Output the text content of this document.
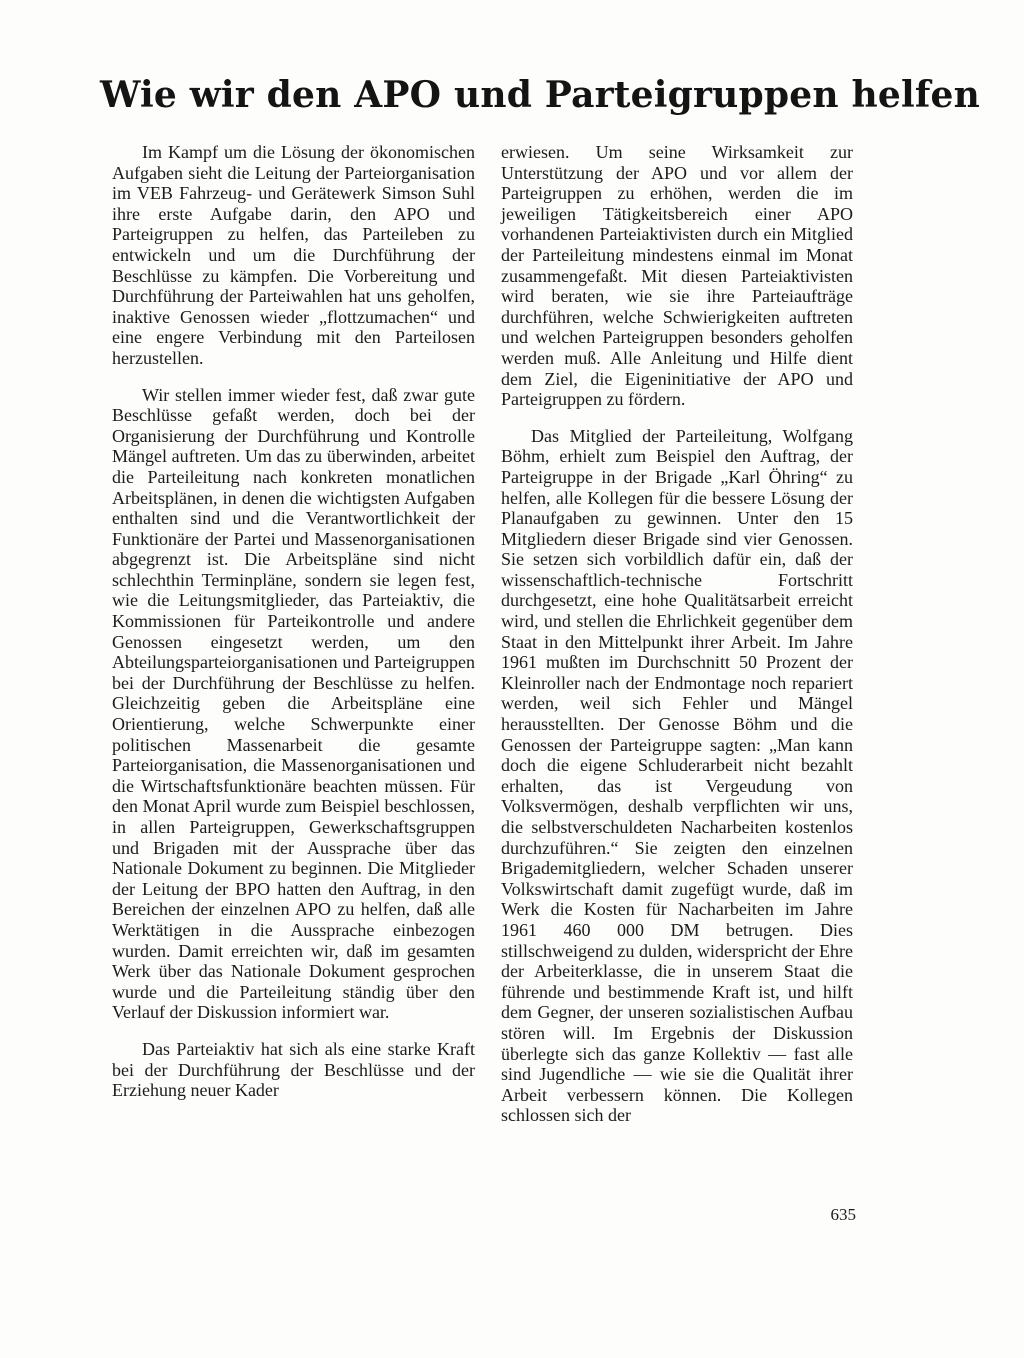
Wie wir den APO und Parteigruppen helfen

Im Kampf um die Lösung der ökonomischen Aufgaben sieht die Leitung der Parteiorganisation im VEB Fahrzeug- und Gerätewerk Simson Suhl ihre erste Aufgabe darin, den APO und Parteigruppen zu helfen, das Parteileben zu entwickeln und um die Durchführung der Beschlüsse zu kämpfen. Die Vorbereitung und Durchführung der Parteiwahlen hat uns geholfen, inaktive Genossen wieder „flottzumachen“ und eine engere Verbindung mit den Parteilosen herzustellen.

Wir stellen immer wieder fest, daß zwar gute Beschlüsse gefaßt werden, doch bei der Organisierung der Durchführung und Kontrolle Mängel auftreten. Um das zu überwinden, arbeitet die Parteileitung nach konkreten monatlichen Arbeitsplänen, in denen die wichtigsten Aufgaben enthalten sind und die Verantwortlichkeit der Funktionäre der Partei und Massenorganisationen abgegrenzt ist. Die Arbeitspläne sind nicht schlechthin Terminpläne, sondern sie legen fest, wie die Leitungsmitglieder, das Parteiaktiv, die Kommissionen für Parteikontrolle und andere Genossen eingesetzt werden, um den Abteilungsparteiorganisationen und Parteigruppen bei der Durchführung der Beschlüsse zu helfen. Gleichzeitig geben die Arbeitspläne eine Orientierung, welche Schwerpunkte einer politischen Massenarbeit die gesamte Parteiorganisation, die Massenorganisationen und die Wirtschaftsfunktionäre beachten müssen. Für den Monat April wurde zum Beispiel beschlossen, in allen Parteigruppen, Gewerkschaftsgruppen und Brigaden mit der Aussprache über das Nationale Dokument zu beginnen. Die Mitglieder der Leitung der BPO hatten den Auftrag, in den Bereichen der einzelnen APO zu helfen, daß alle Werktätigen in die Aussprache einbezogen wurden. Damit erreichten wir, daß im gesamten Werk über das Nationale Dokument gesprochen wurde und die Parteileitung ständig über den Verlauf der Diskussion informiert war.

Das Parteiaktiv hat sich als eine starke Kraft bei der Durchführung der Beschlüsse und der Erziehung neuer Kader

erwiesen. Um seine Wirksamkeit zur Unterstützung der APO und vor allem der Parteigruppen zu erhöhen, werden die im jeweiligen Tätigkeitsbereich einer APO vorhandenen Parteiaktivisten durch ein Mitglied der Parteileitung mindestens einmal im Monat zusammengefaßt. Mit diesen Parteiaktivisten wird beraten, wie sie ihre Parteiaufträge durchführen, welche Schwierigkeiten auftreten und welchen Parteigruppen besonders geholfen werden muß. Alle Anleitung und Hilfe dient dem Ziel, die Eigeninitiative der APO und Parteigruppen zu fördern.

Das Mitglied der Parteileitung, Wolfgang Böhm, erhielt zum Beispiel den Auftrag, der Parteigruppe in der Brigade „Karl Öhring“ zu helfen, alle Kollegen für die bessere Lösung der Planaufgaben zu gewinnen. Unter den 15 Mitgliedern dieser Brigade sind vier Genossen. Sie setzen sich vorbildlich dafür ein, daß der wissenschaftlich-technische Fortschritt durchgesetzt, eine hohe Qualitätsarbeit erreicht wird, und stellen die Ehrlichkeit gegenüber dem Staat in den Mittelpunkt ihrer Arbeit. Im Jahre 1961 mußten im Durchschnitt 50 Prozent der Kleinroller nach der Endmontage noch repariert werden, weil sich Fehler und Mängel herausstellten. Der Genosse Böhm und die Genossen der Parteigruppe sagten: „Man kann doch die eigene Schluderarbeit nicht bezahlt erhalten, das ist Vergeudung von Volksvermögen, deshalb verpflichten wir uns, die selbstverschuldeten Nacharbeiten kostenlos durchzuführen.“ Sie zeigten den einzelnen Brigademitgliedern, welcher Schaden unserer Volkswirtschaft damit zugefügt wurde, daß im Werk die Kosten für Nacharbeiten im Jahre 1961 460 000 DM betrugen. Dies stillschweigend zu dulden, widerspricht der Ehre der Arbeiterklasse, die in unserem Staat die führende und bestimmende Kraft ist, und hilft dem Gegner, der unseren sozialistischen Aufbau stören will. Im Ergebnis der Diskussion überlegte sich das ganze Kollektiv — fast alle sind Jugendliche — wie sie die Qualität ihrer Arbeit verbessern können. Die Kollegen schlossen sich der

635
